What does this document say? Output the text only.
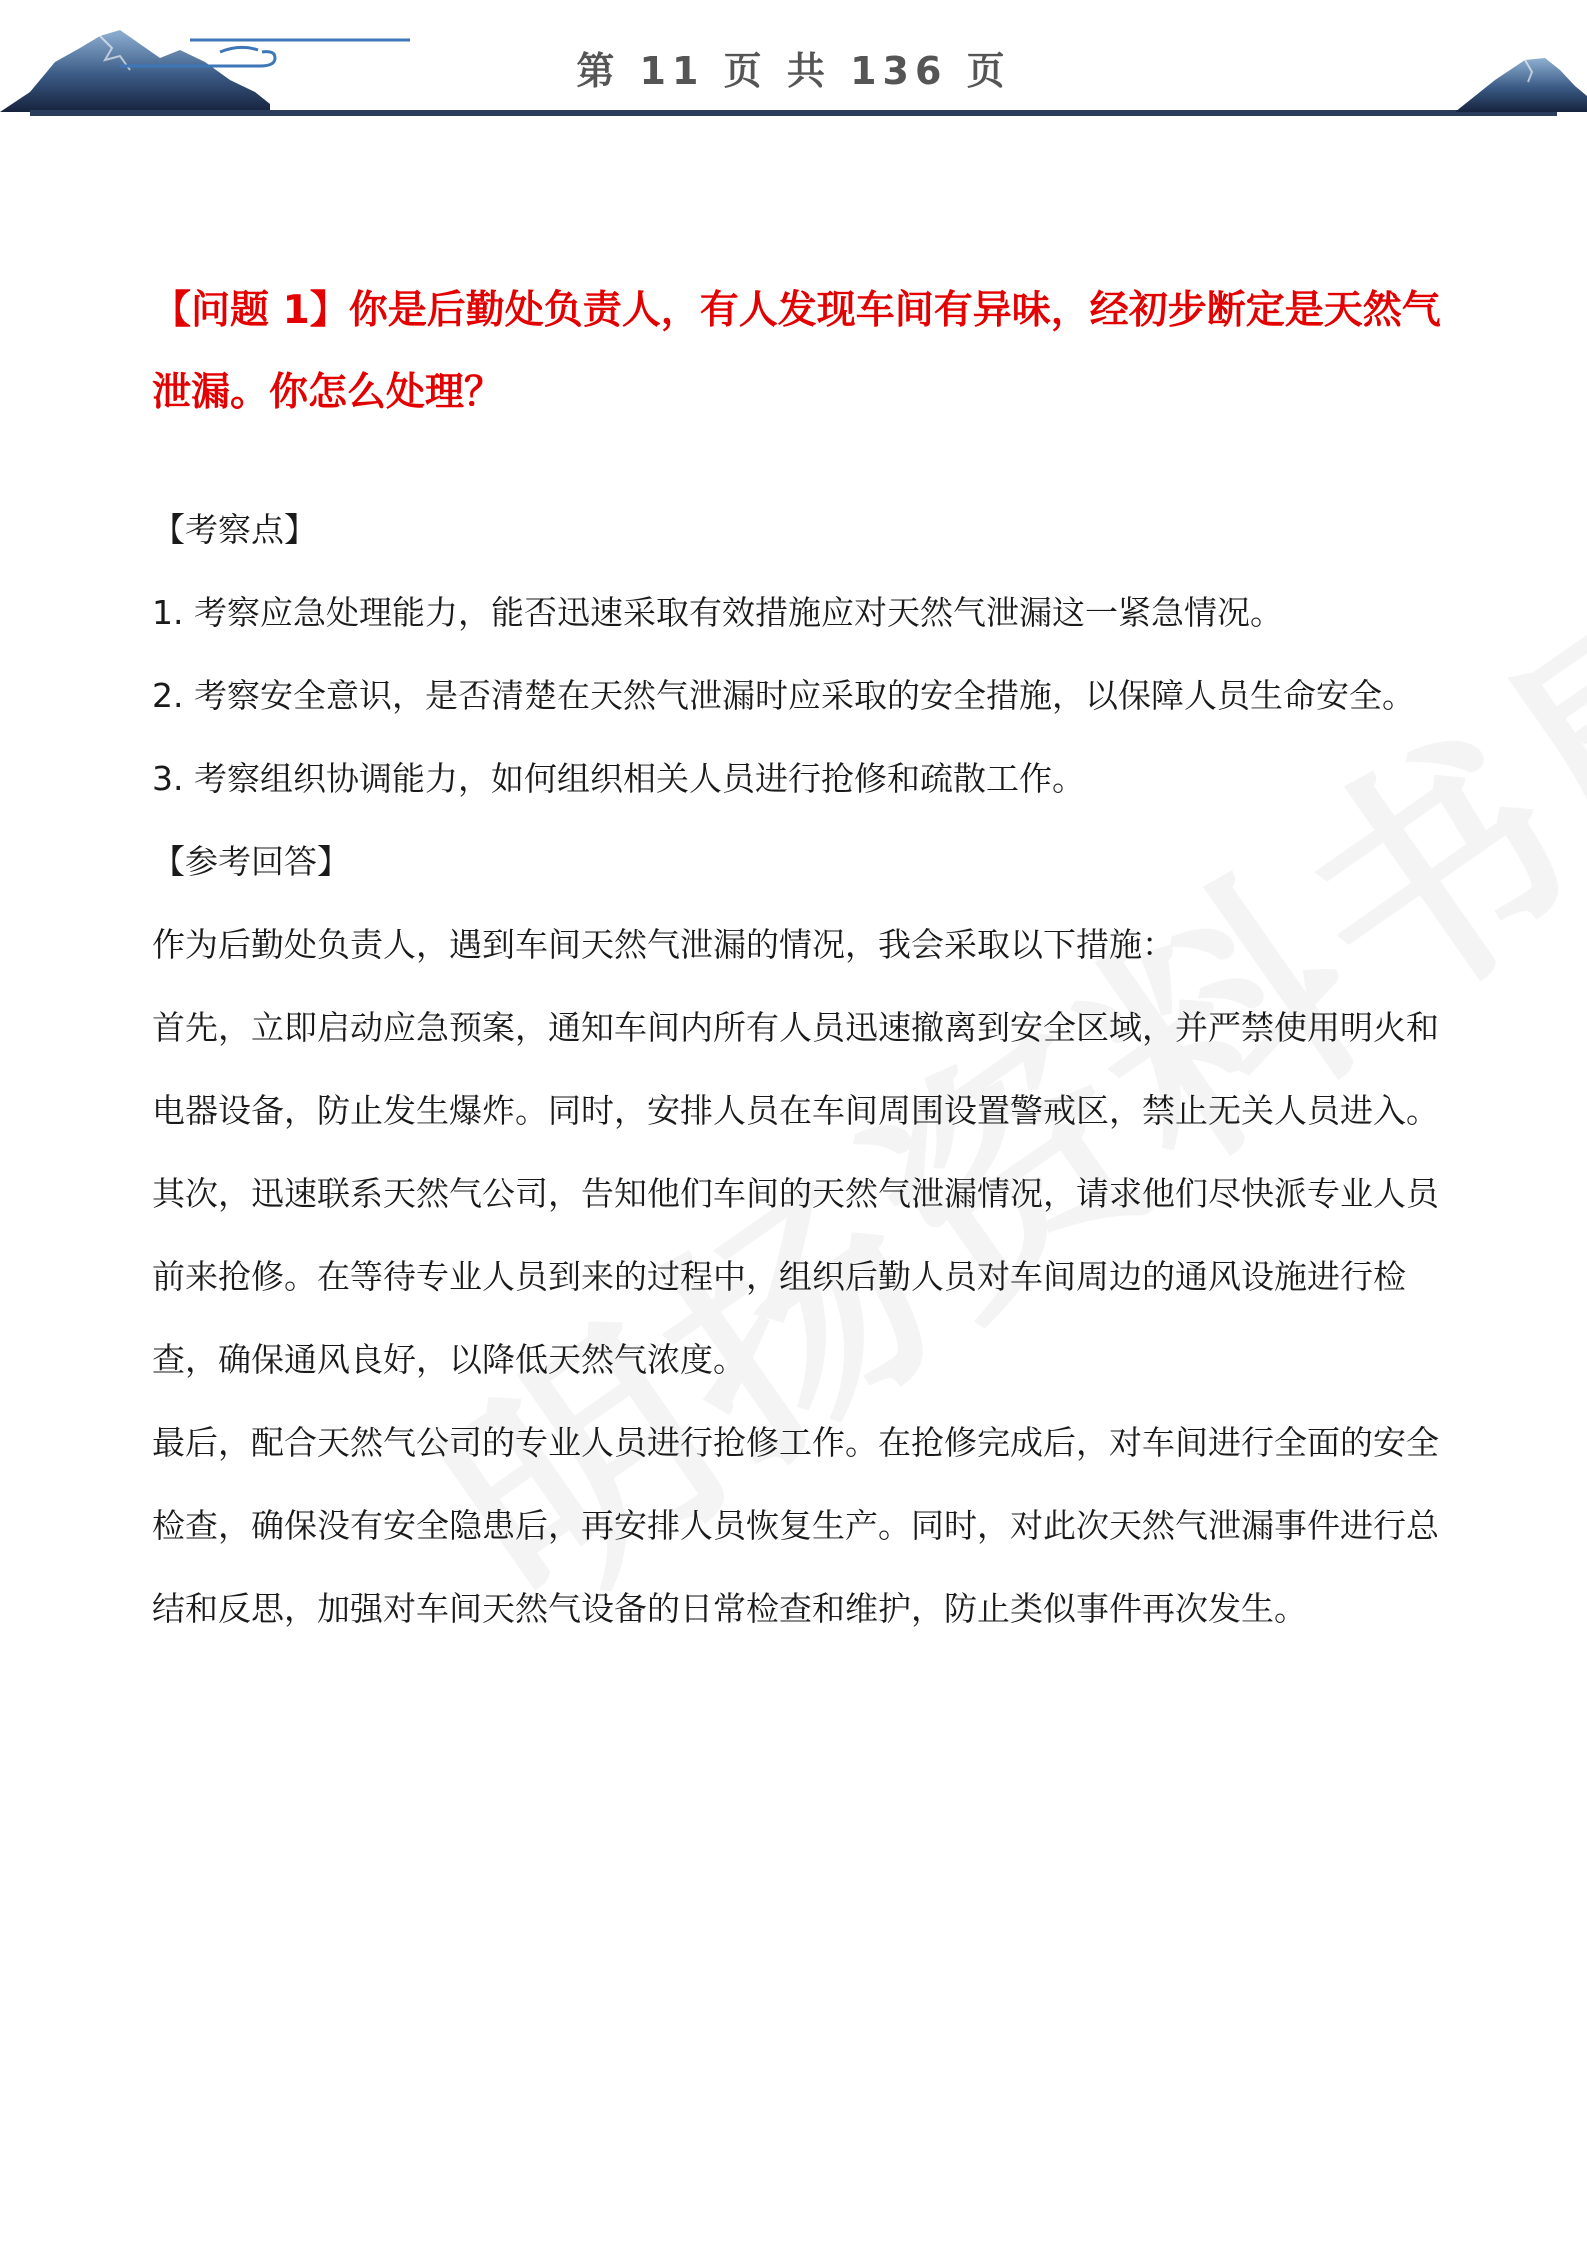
第 11 页 共 136 页

【问题 1】你是后勤处负责人，有人发现车间有异味，经初步断定是天然气泄漏。你怎么处理？

【考察点】

1. 考察应急处理能力，能否迅速采取有效措施应对天然气泄漏这一紧急情况。

2. 考察安全意识，是否清楚在天然气泄漏时应采取的安全措施，以保障人员生命安全。

3. 考察组织协调能力，如何组织相关人员进行抢修和疏散工作。

【参考回答】

作为后勤处负责人，遇到车间天然气泄漏的情况，我会采取以下措施：

首先，立即启动应急预案，通知车间内所有人员迅速撤离到安全区域，并严禁使用明火和电器设备，防止发生爆炸。同时，安排人员在车间周围设置警戒区，禁止无关人员进入。

其次，迅速联系天然气公司，告知他们车间的天然气泄漏情况，请求他们尽快派专业人员前来抢修。在等待专业人员到来的过程中，组织后勤人员对车间周边的通风设施进行检查，确保通风良好，以降低天然气浓度。

最后，配合天然气公司的专业人员进行抢修工作。在抢修完成后，对车间进行全面的安全检查，确保没有安全隐患后，再安排人员恢复生产。同时，对此次天然气泄漏事件进行总结和反思，加强对车间天然气设备的日常检查和维护，防止类似事件再次发生。
